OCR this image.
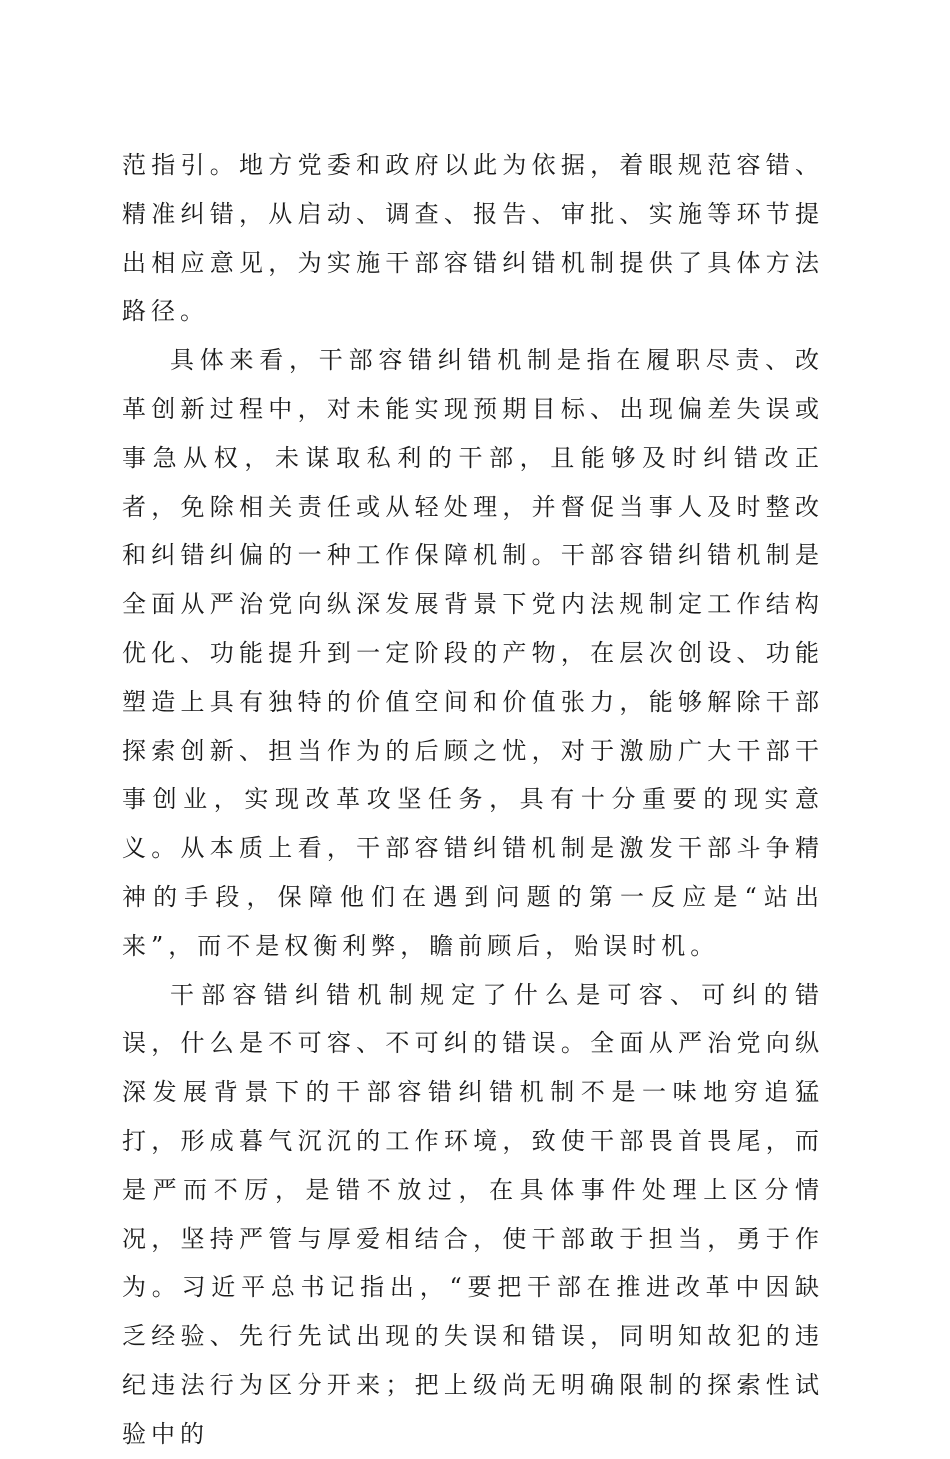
范指引。地方党委和政府以此为依据，着眼规范容错、精准纠错，从启动、调查、报告、审批、实施等环节提出相应意见，为实施干部容错纠错机制提供了具体方法路径。

具体来看，干部容错纠错机制是指在履职尽责、改革创新过程中，对未能实现预期目标、出现偏差失误或事急从权，未谋取私利的干部，且能够及时纠错改正者，免除相关责任或从轻处理，并督促当事人及时整改和纠错纠偏的一种工作保障机制。干部容错纠错机制是全面从严治党向纵深发展背景下党内法规制定工作结构优化、功能提升到一定阶段的产物，在层次创设、功能塑造上具有独特的价值空间和价值张力，能够解除干部探索创新、担当作为的后顾之忧，对于激励广大干部干事创业，实现改革攻坚任务，具有十分重要的现实意义。从本质上看，干部容错纠错机制是激发干部斗争精神的手段，保障他们在遇到问题的第一反应是“站出来”，而不是权衡利弊，瞻前顾后，贻误时机。

干部容错纠错机制规定了什么是可容、可纠的错误，什么是不可容、不可纠的错误。全面从严治党向纵深发展背景下的干部容错纠错机制不是一味地穷追猛打，形成暮气沉沉的工作环境，致使干部畏首畏尾，而是严而不厉，是错不放过，在具体事件处理上区分情况，坚持严管与厚爱相结合，使干部敢于担当，勇于作为。习近平总书记指出，“要把干部在推进改革中因缺乏经验、先行先试出现的失误和错误，同明知故犯的违纪违法行为区分开来；把上级尚无明确限制的探索性试验中的
